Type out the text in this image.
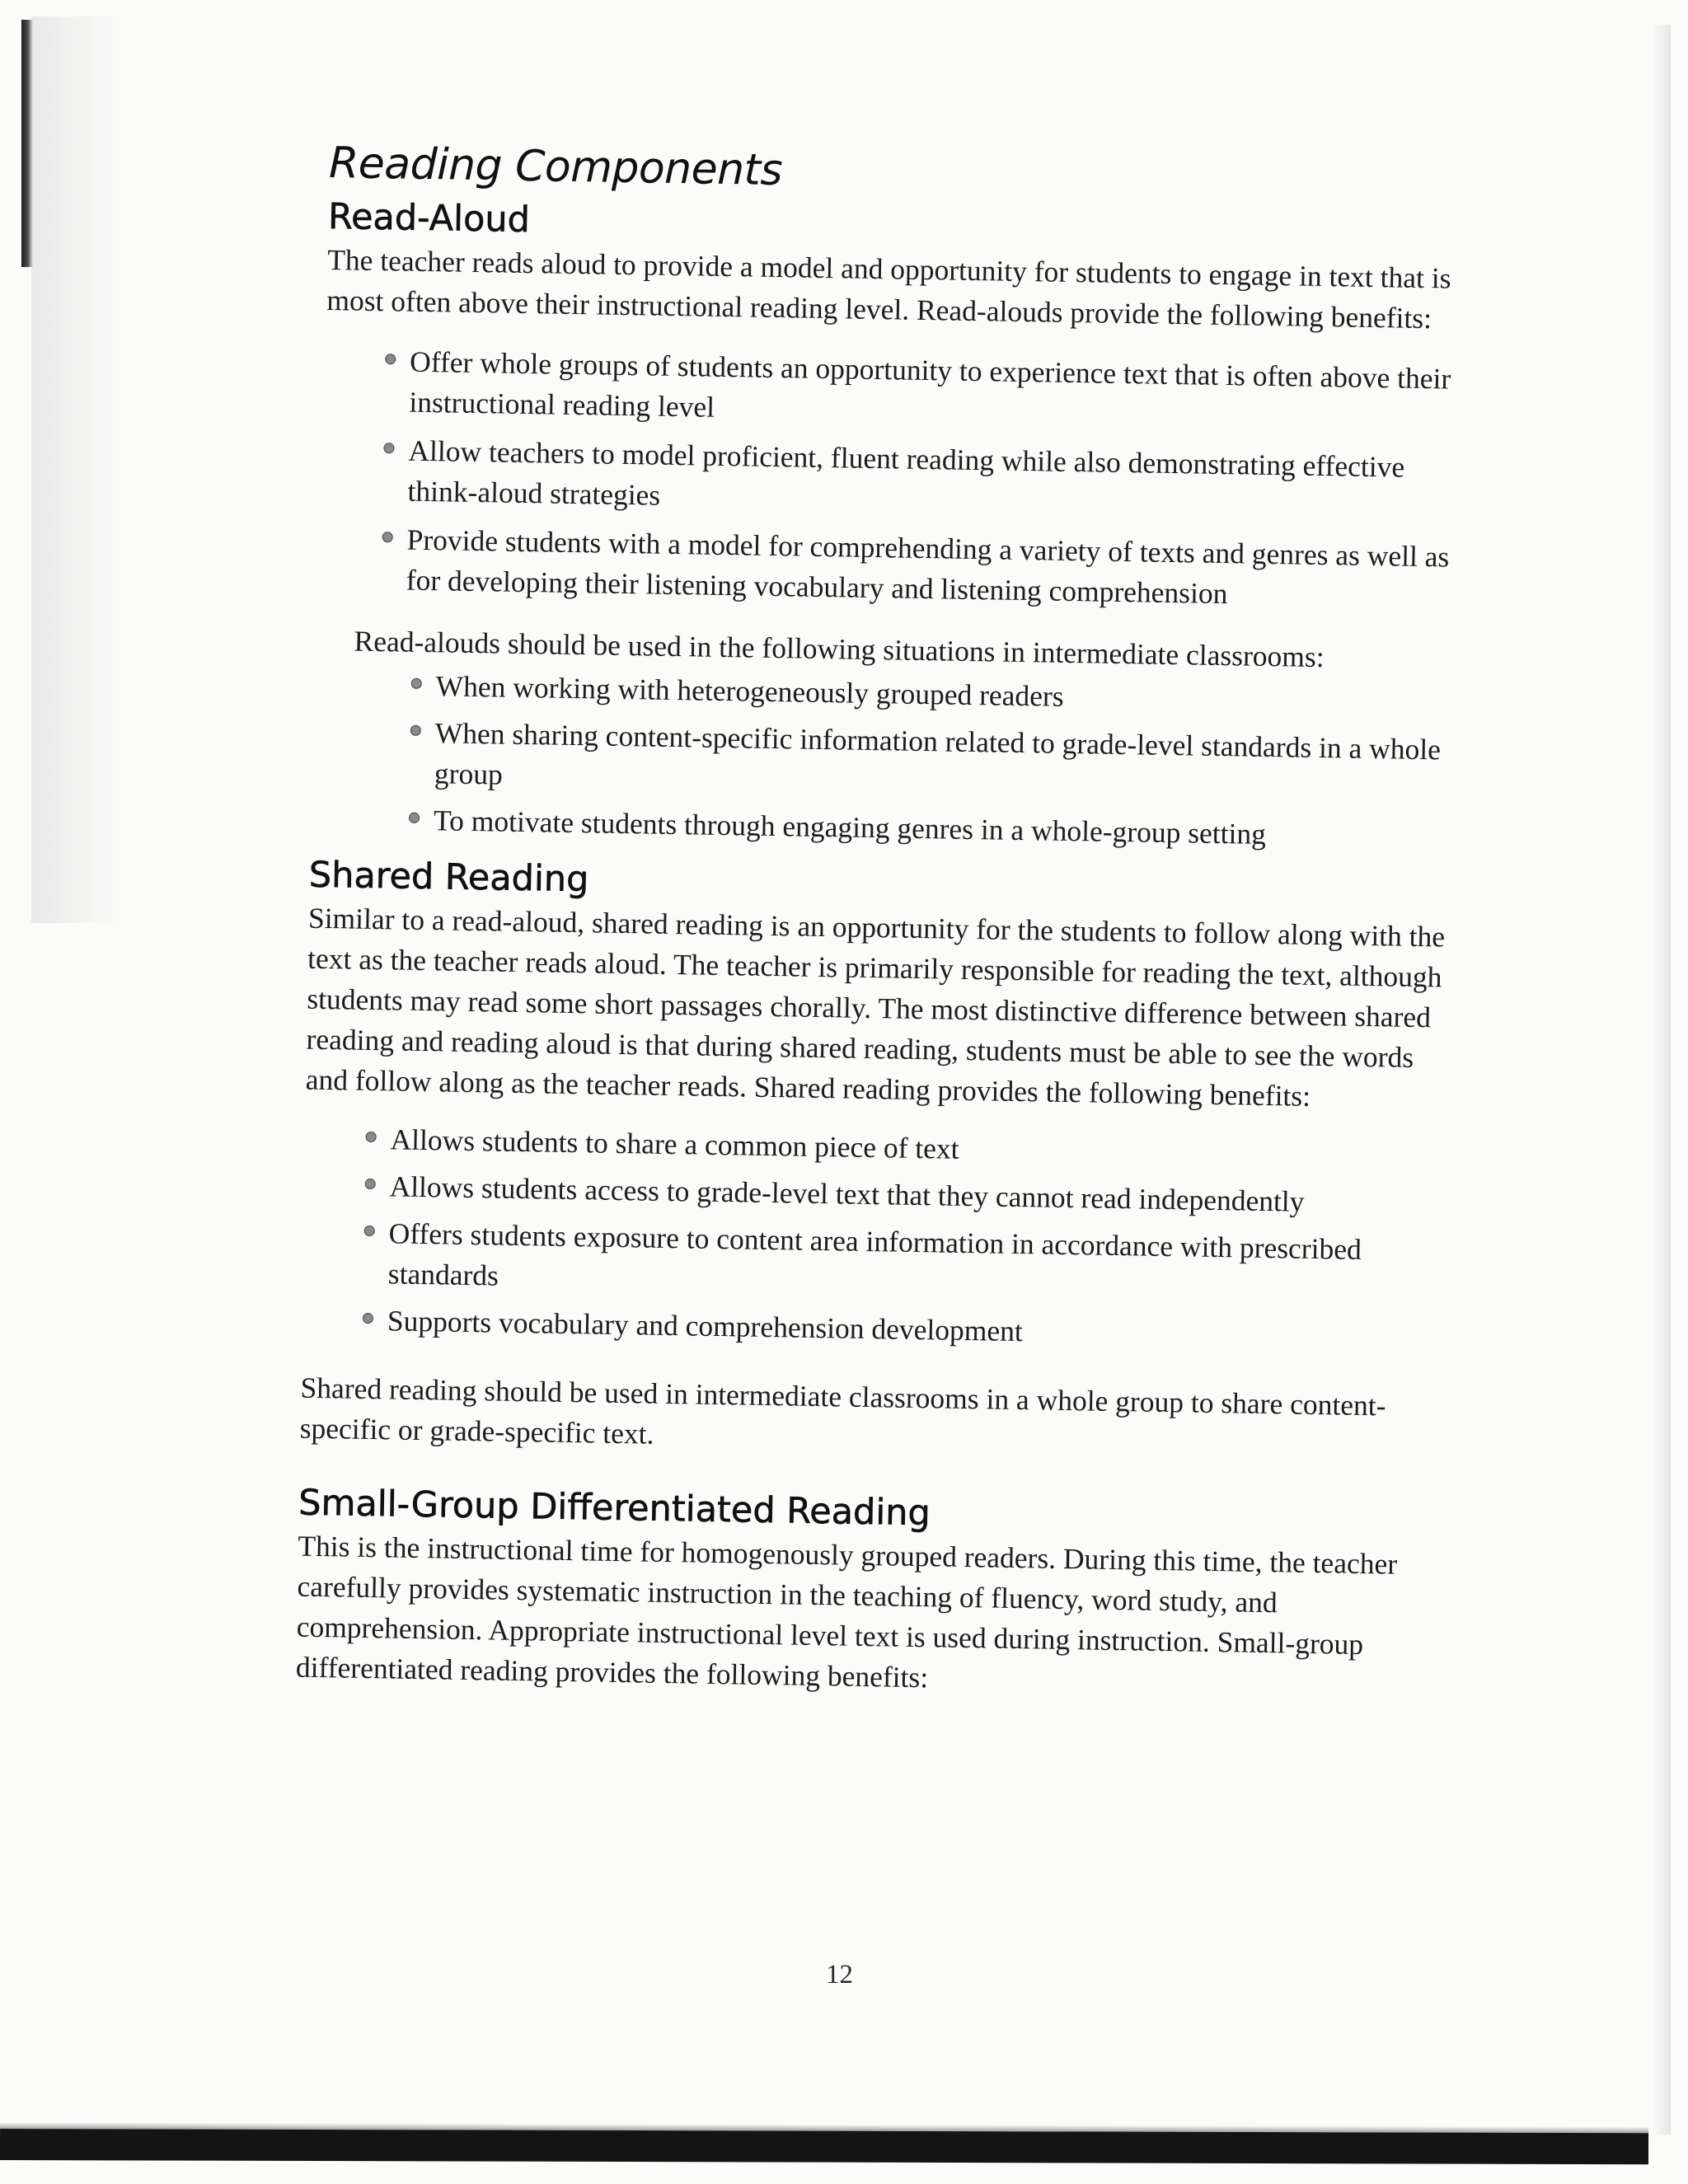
Reading Components
Read-Aloud

The teacher reads aloud to provide a model and opportunity for students to engage in text that is most often above their instructional reading level. Read-alouds provide the following benefits:

Offer whole groups of students an opportunity to experience text that is often above their instructional reading level
Allow teachers to model proficient, fluent reading while also demonstrating effective think-aloud strategies
Provide students with a model for comprehending a variety of texts and genres as well as for developing their listening vocabulary and listening comprehension

Read-alouds should be used in the following situations in intermediate classrooms:

When working with heterogeneously grouped readers
When sharing content-specific information related to grade-level standards in a whole group
To motivate students through engaging genres in a whole-group setting
Shared Reading

Similar to a read-aloud, shared reading is an opportunity for the students to follow along with the text as the teacher reads aloud. The teacher is primarily responsible for reading the text, although students may read some short passages chorally. The most distinctive difference between shared reading and reading aloud is that during shared reading, students must be able to see the words and follow along as the teacher reads. Shared reading provides the following benefits:

Allows students to share a common piece of text
Allows students access to grade-level text that they cannot read independently
Offers students exposure to content area information in accordance with prescribed standards
Supports vocabulary and comprehension development

Shared reading should be used in intermediate classrooms in a whole group to share content-specific or grade-specific text.

Small-Group Differentiated Reading

This is the instructional time for homogenously grouped readers. During this time, the teacher carefully provides systematic instruction in the teaching of fluency, word study, and comprehension. Appropriate instructional level text is used during instruction. Small-group differentiated reading provides the following benefits:

12
